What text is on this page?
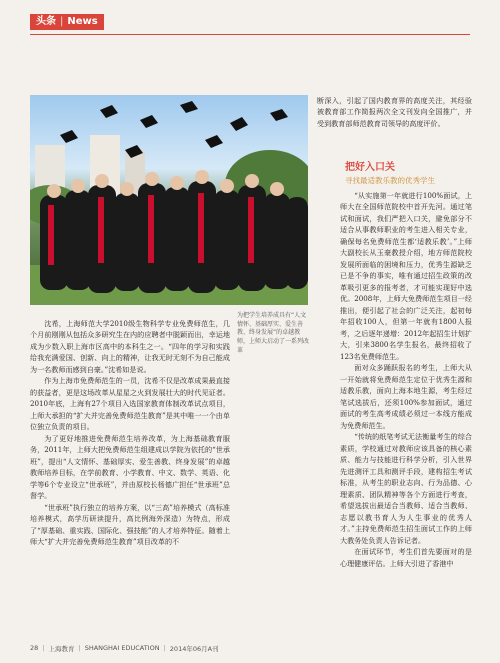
头条 | News
为把学生培养成具有“人文情怀、基础厚实、爱生善教、终身发展”的卓越教师，上师大启动了一系列改革

沈希，上海师范大学2010级生物科学专业免费师范生，几个月前刚刚从包括众多研究生在内的应聘者中脱颖而出，幸运地成为少数入职上海市区高中的本科生之一。“四年的学习和实践给我充满爱国、创新、向上的精神，让我无时无刻不为自己能成为一名教师而感到自豪。”沈希如是说。

作为上海市免费师范生的一员，沈希不仅是改革成果最直接的获益者，更是这场改革从星星之火到发展壮大的时代见证者。2010年底，上海有27个项目入选国家教育体制改革试点项目，上师大承担的“扩大并完善免费师范生教育”是其中唯一一个由单位独立负责的项目。

为了更好地推进免费师范生培养改革，为上海基础教育服务，2011年，上师大把免费师范生组建成以学院为依托的“世承班”，提出“人文情怀、基础厚实、爱生善教、终身发展”的卓越教师培养目标，在学前教育、小学教育、中文、数学、英语、化学等6个专业设立“世承班”，并由原校长杨德广担任“世承班”总督学。

“世承班”执行独立的培养方案，以“三高”培养模式（高标准培养模式，高学历研读提升，高比例海外深造）为特点，形成了“厚基础、重实践、国际化、强技能”的人才培养特征。随着上师大“扩大并完善免费师范生教育”项目改革的不

断深入，引起了国内教育界的高度关注，其经验被教育部工作简报两次全文刊发向全国推广，并受到教育部师范教育司领导的高度评价。

把好入口关
寻找最适教乐教的优秀学生

“从实施第一年就进行100%面试，上师大在全国师范院校中首开先河。通过笔试和面试，我们严把入口关，避免部分不适合从事教师职业的考生进入相关专业，确保每名免费师范生都‘适教乐教’。”上师大副校长从玉豪教授介绍，地方师范院校发展所面临的困境和压力，优秀生源缺乏已是不争的事实，唯有通过招生政策的改革吸引更多的报考者，才可能实现好中选优。2008年，上师大免费师范生项目一经推出，便引起了社会的广泛关注，起初每年招收100人，但第一年就有1800人报考，之后逐年递增：2012年起招生计划扩大，引来3800名学生报名，最终招收了123名免费师范生。

面对众多踊跃报名的考生，上师大从一开始就将免费师范生定位于优秀生源和适教乐教，面向上海本地生源，考生经过笔试选拔后，还须100%参加面试，通过面试的考生高考成绩必须过一本线方能成为免费师范生。

“传统的纸笔考试无法衡量考生的综合素质，学校通过对教师应该具备的核心素质、能力与技能进行科学分析，引入世界先进测评工具和测评手段，建构招生考试标准，从考生的职业志向、行为品德、心理素质、团队精神等各个方面进行考查，希望选拔出最适合当教师、适合当教师、志愿以教书育人为人生事业的优秀人才。”主持免费师范生招生面试工作的上师大教务处负责人告诉记者。

在面试环节，考生们首先要面对的是心理健康评估。上师大引进了香港中

28 | 上海教育 | SHANGHAI EDUCATION | 2014年06月A刊
